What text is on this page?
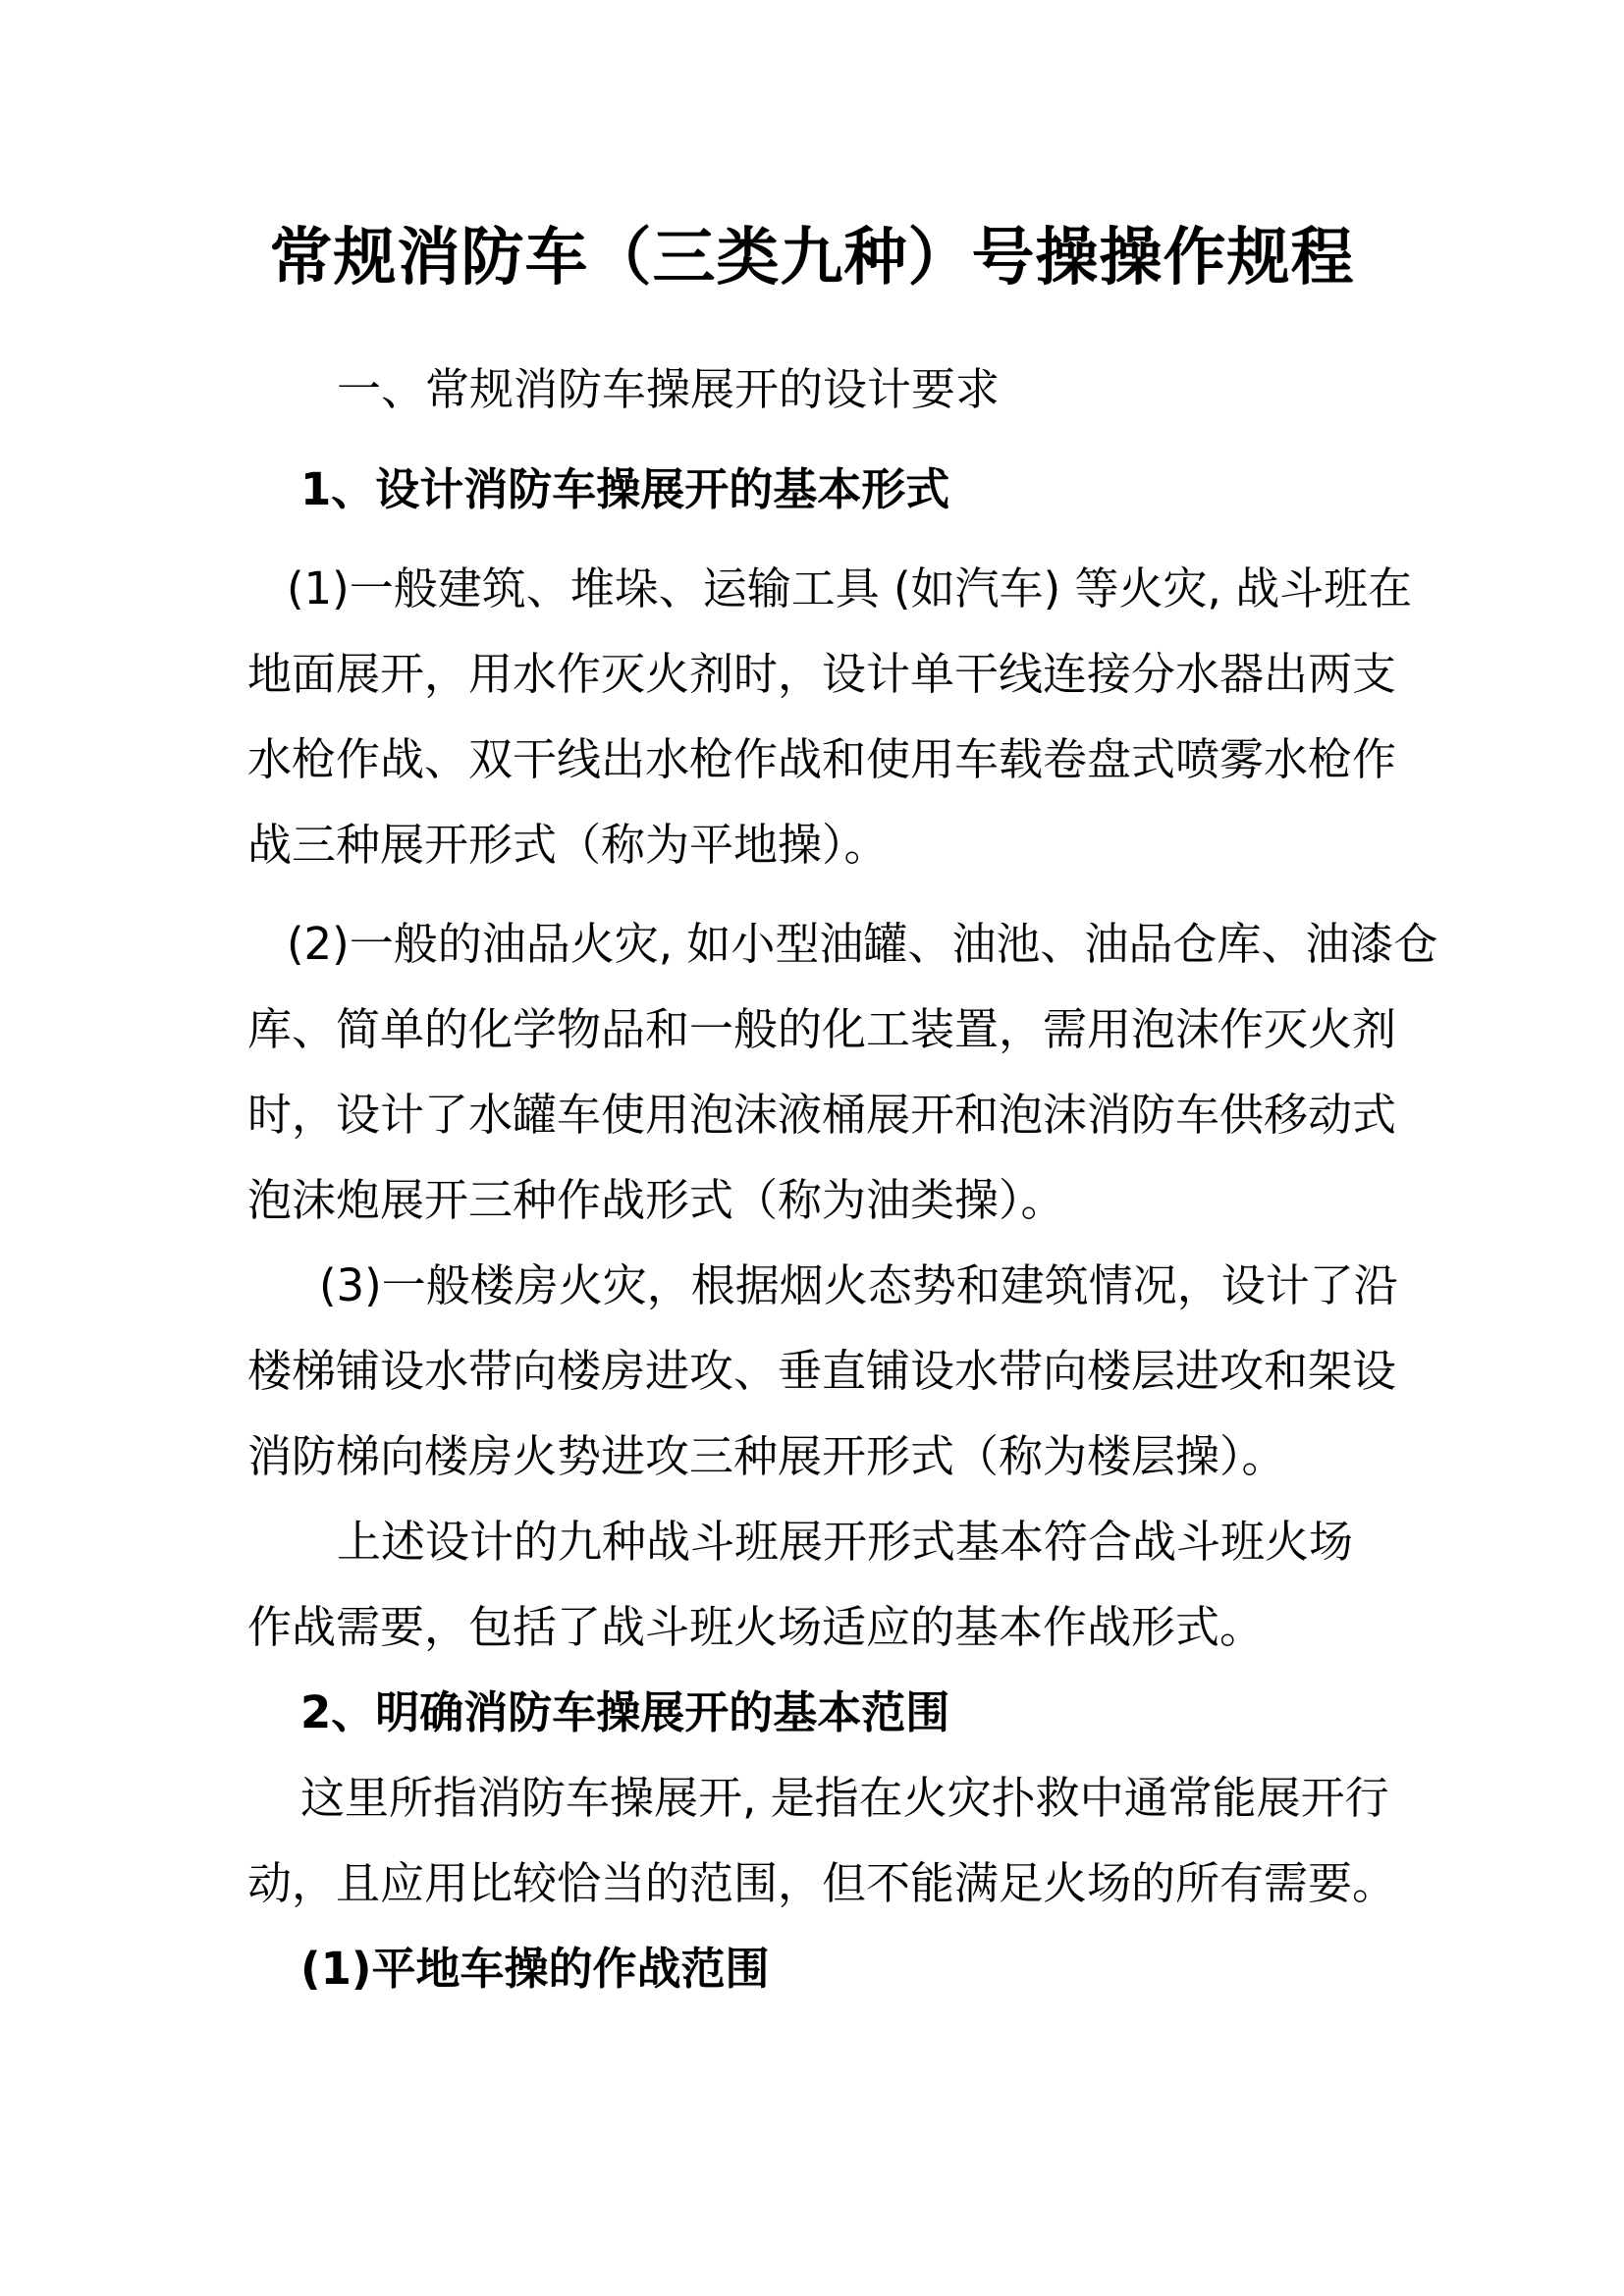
常规消防车（三类九种）号操操作规程
一、常规消防车操展开的设计要求
1、设计消防车操展开的基本形式
(1)一般建筑、堆垛、运输工具 (如汽车) 等火灾, 战斗班在
地面展开，用水作灭火剂时，设计单干线连接分水器出两支
水枪作战、双干线出水枪作战和使用车载卷盘式喷雾水枪作
战三种展开形式（称为平地操）。
(2)一般的油品火灾, 如小型油罐、油池、油品仓库、油漆仓
库、简单的化学物品和一般的化工装置，需用泡沫作灭火剂
时，设计了水罐车使用泡沫液桶展开和泡沫消防车供移动式
泡沫炮展开三种作战形式（称为油类操）。
(3)一般楼房火灾，根据烟火态势和建筑情况，设计了沿
楼梯铺设水带向楼房进攻、垂直铺设水带向楼层进攻和架设
消防梯向楼房火势进攻三种展开形式（称为楼层操）。
上述设计的九种战斗班展开形式基本符合战斗班火场
作战需要，包括了战斗班火场适应的基本作战形式。
2、明确消防车操展开的基本范围
这里所指消防车操展开, 是指在火灾扑救中通常能展开行
动，且应用比较恰当的范围，但不能满足火场的所有需要。
(1)平地车操的作战范围
